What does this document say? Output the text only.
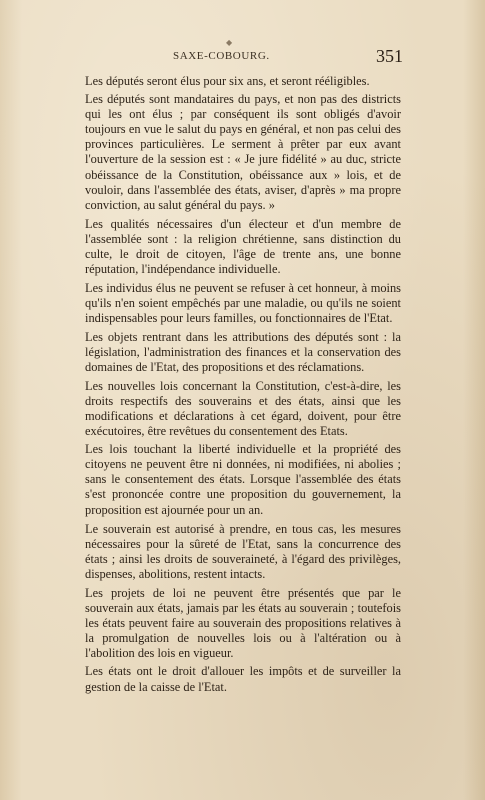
◆
SAXE-COBOURG.	351

Les députés seront élus pour six ans, et seront rééligibles.

Les députés sont mandataires du pays, et non pas des districts qui les ont élus ; par conséquent ils sont obligés d'avoir toujours en vue le salut du pays en général, et non pas celui des provinces particulières. Le serment à prêter par eux avant l'ouverture de la session est : « Je jure fidélité » au duc, stricte obéissance de la Constitution, obéissance aux » lois, et de vouloir, dans l'assemblée des états, aviser, d'après » ma propre conviction, au salut général du pays. »

Les qualités nécessaires d'un électeur et d'un membre de l'assemblée sont : la religion chrétienne, sans distinction du culte, le droit de citoyen, l'âge de trente ans, une bonne réputation, l'indépendance individuelle.

Les individus élus ne peuvent se refuser à cet honneur, à moins qu'ils n'en soient empêchés par une maladie, ou qu'ils ne soient indispensables pour leurs familles, ou fonctionnaires de l'Etat.

Les objets rentrant dans les attributions des députés sont : la législation, l'administration des finances et la conservation des domaines de l'Etat, des propositions et des réclamations.

Les nouvelles lois concernant la Constitution, c'est-à-dire, les droits respectifs des souverains et des états, ainsi que les modifications et déclarations à cet égard, doivent, pour être exécutoires, être revêtues du consentement des Etats.

Les lois touchant la liberté individuelle et la propriété des citoyens ne peuvent être ni données, ni modifiées, ni abolies ; sans le consentement des états. Lorsque l'assemblée des états s'est prononcée contre une proposition du gouvernement, la proposition est ajournée pour un an.

Le souverain est autorisé à prendre, en tous cas, les mesures nécessaires pour la sûreté de l'Etat, sans la concurrence des états ; ainsi les droits de souveraineté, à l'égard des privilèges, dispenses, abolitions, restent intacts.

Les projets de loi ne peuvent être présentés que par le souverain aux états, jamais par les états au souverain ; toutefois les états peuvent faire au souverain des propositions relatives à la promulgation de nouvelles lois ou à l'altération ou à l'abolition des lois en vigueur.

Les états ont le droit d'allouer les impôts et de surveiller la gestion de la caisse de l'Etat.
